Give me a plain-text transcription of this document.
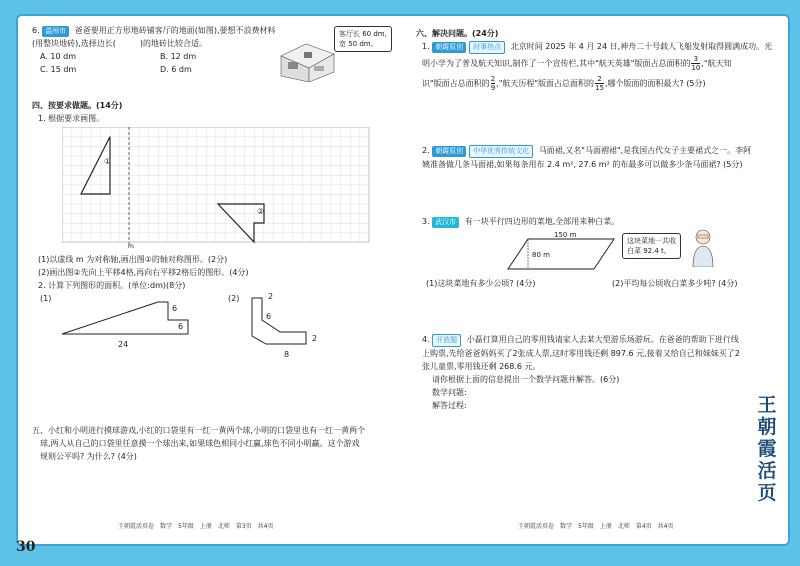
6. 温州市 爸爸要用正方形地砖铺客厅的地面(如图),要想不浪费材料
(用整块地砖),选择边长(	)的地砖比较合适。
A. 10 dm	B. 12 dm
C. 15 dm	D. 6 dm
客厅长 60 dm,
宽 50 dm。
四、按要求做题。(14分)
1. 根据要求画图。
①
②
m
(1)以虚线 m 为对称轴,画出图①的轴对称图形。(2分)
(2)画出图②先向上平移4格,再向右平移2格后的图形。(4分)
2. 计算下列图形的面积。(单位:dm)(8分)
(1)
6
6
24
(2)	2
6
2
8
五、小红和小明进行摸球游戏,小红的口袋里有一红一黄两个球,小明的口袋里也有一红一黄两个
球,两人从自己的口袋里任意摸一个球出来,如果球色相同小红赢,球色不同小明赢。这个游戏
规则公平吗? 为什么? (4分)
六、解决问题。(24分)
1. 朝霞原创 时事热点 北京时间 2025 年 4 月 24 日,神舟二十号载人飞船发射取得圆满成功。光
明小学为了普及航天知识,制作了一个宣传栏,其中"航天英雄"版面占总面积的 $\frac{3}{10}$ ,"航天知
识"版面占总面积的 $\frac{2}{9}$ ,"航天历程"版面占总面积的 $\frac{2}{15}$ ,哪个版面的面积最大? (5分)
2. 朝霞原创 中华优秀传统文化 马面裙,又名"马面褶裙",是我国古代女子主要裙式之一。李阿
姨准备做几条马面裙,如果每条用布 2.4 m², 27.6 m² 的布最多可以做多少条马面裙? (5分)
3. 武汉市 有一块平行四边形的菜地,全部用来种白菜。
150 m
80 m
这块菜地一共收
白菜 92.4 t。
(1)这块菜地有多少公顷? (4分)	(2)平均每公顷收白菜多少吨? (4分)
4. 开放题 小磊打算用自己的零用钱请家人去某大型游乐场游玩。在爸爸的帮助下进行线
上购票,先给爸爸妈妈买了2张成人票,这时零用钱还剩 897.6 元,接着又给自己和妹妹买了2
张儿童票,零用钱还剩 268.6 元。
请你根据上面的信息提出一个数学问题并解答。(6分)
数学问题:
解答过程:
王朝霞活页卷　数学　5年级　上册　北师　第3页　共4页	王朝霞活页卷　数学　5年级　上册　北师　第4页　共4页
王朝霞活页
30
